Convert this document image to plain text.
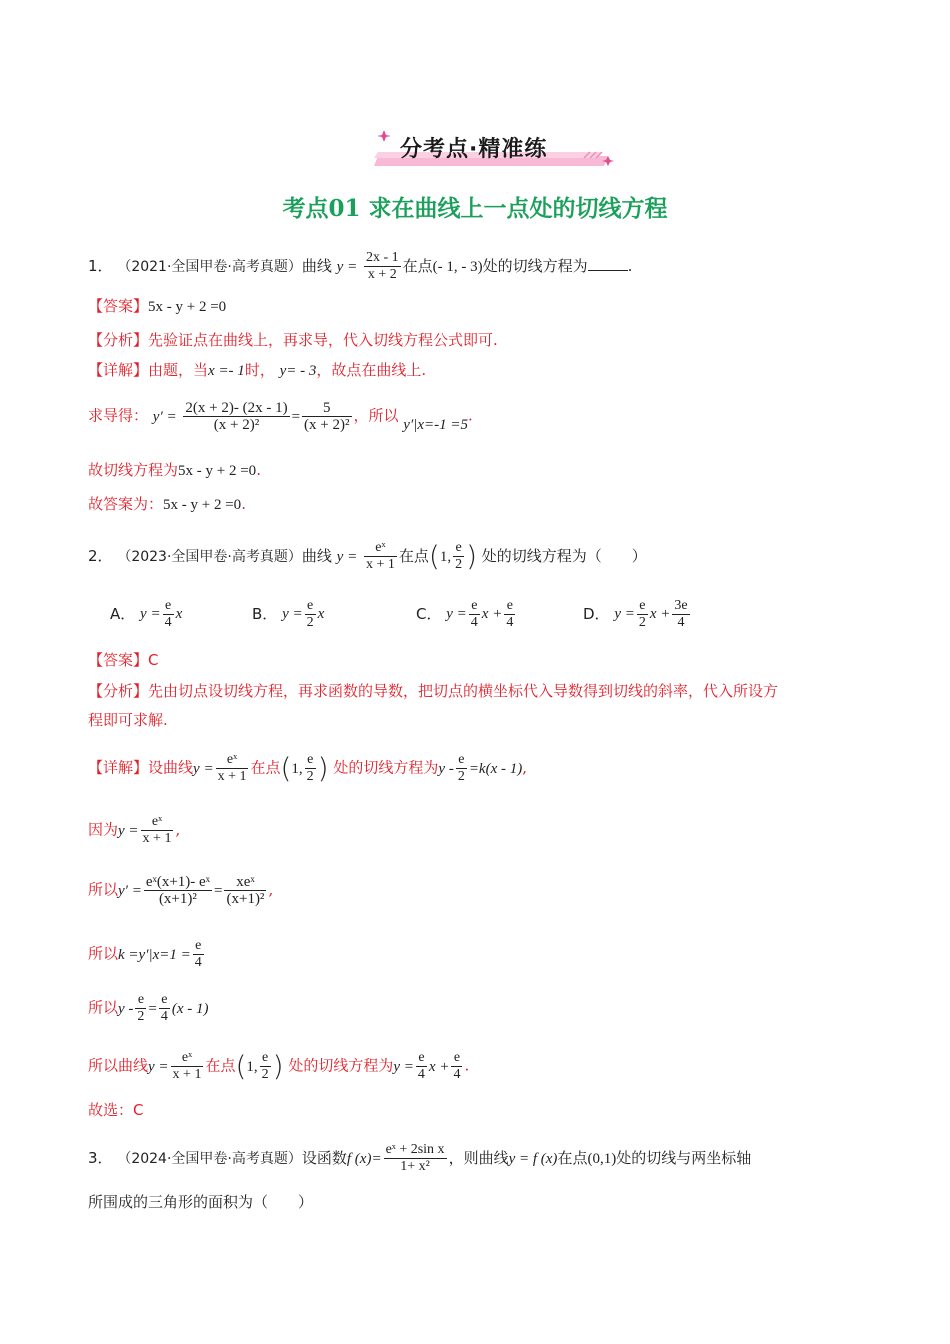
分考点·精准练
考点01 求在曲线上一点处的切线方程
1． （2021·全国甲卷·高考真题）曲线 $y = \frac{2x - 1}{x + 2}$ 在点(- 1, - 3)处的切线方程为	.
【答案】5x - y + 2 =0
【分析】先验证点在曲线上，再求导，代入切线方程公式即可.
【详解】由题，当x =- 1时， y= - 3，故点在曲线上.
求导得： $y' = \frac{2(x + 2)- (2x - 1)}{\text{(x + 2)²}} = \frac{5}{\text{(x + 2)²}}$ ，所以 y′|x=-1 =5.
故切线方程为5x - y + 2 =0.
故答案为：5x - y + 2 =0.
2． （2023·全国甲卷·高考真题）曲线 $y = \frac{\text{eˣ}}{x + 1}$ 在点(1, $\frac{e}{2}$ ) 处的切线方程为（　　）
A． $y = \frac{e}{4}$ x	B． $y = \frac{e}{2}$ x	C． $y = \frac{e}{4}$ $x + \frac{e}{4}$	D． $y = \frac{e}{2}$ $x + \frac{3e}{4}$
【答案】C
【分析】先由切点设切线方程，再求函数的导数，把切点的横坐标代入导数得到切线的斜率，代入所设方
程即可求解.
【详解】设曲线$y = \frac{\text{eˣ}}{x + 1}$ 在点(1, $\frac{e}{2}$ ) 处的切线方程为$y - \frac{e}{2} =k(x - 1)$,
因为$y = \frac{\text{eˣ}}{x + 1}$ ,
所以$y' = \frac{\text{eˣ(x+1)- eˣ}}{\text{(x+1)²}} = \frac{\text{xeˣ}}{\text{(x+1)²}}$ ,
所以$k =y'|x=1 = \frac{e}{4}$
所以$y - \frac{e}{2} = \frac{e}{4} (x - 1)$
所以曲线$y = \frac{\text{eˣ}}{x + 1}$ 在点(1, $\frac{e}{2}$ ) 处的切线方程为$y = \frac{e}{4}$ $x + \frac{e}{4}$ .
故选：C
3． （2024·全国甲卷·高考真题）设函数f $(x)= \frac{\text{eˣ + 2sin x}}{\text{1+ x²}}$ ，则曲线y = f (x)在点(0,1)处的切线与两坐标轴
所围成的三角形的面积为（　　）
